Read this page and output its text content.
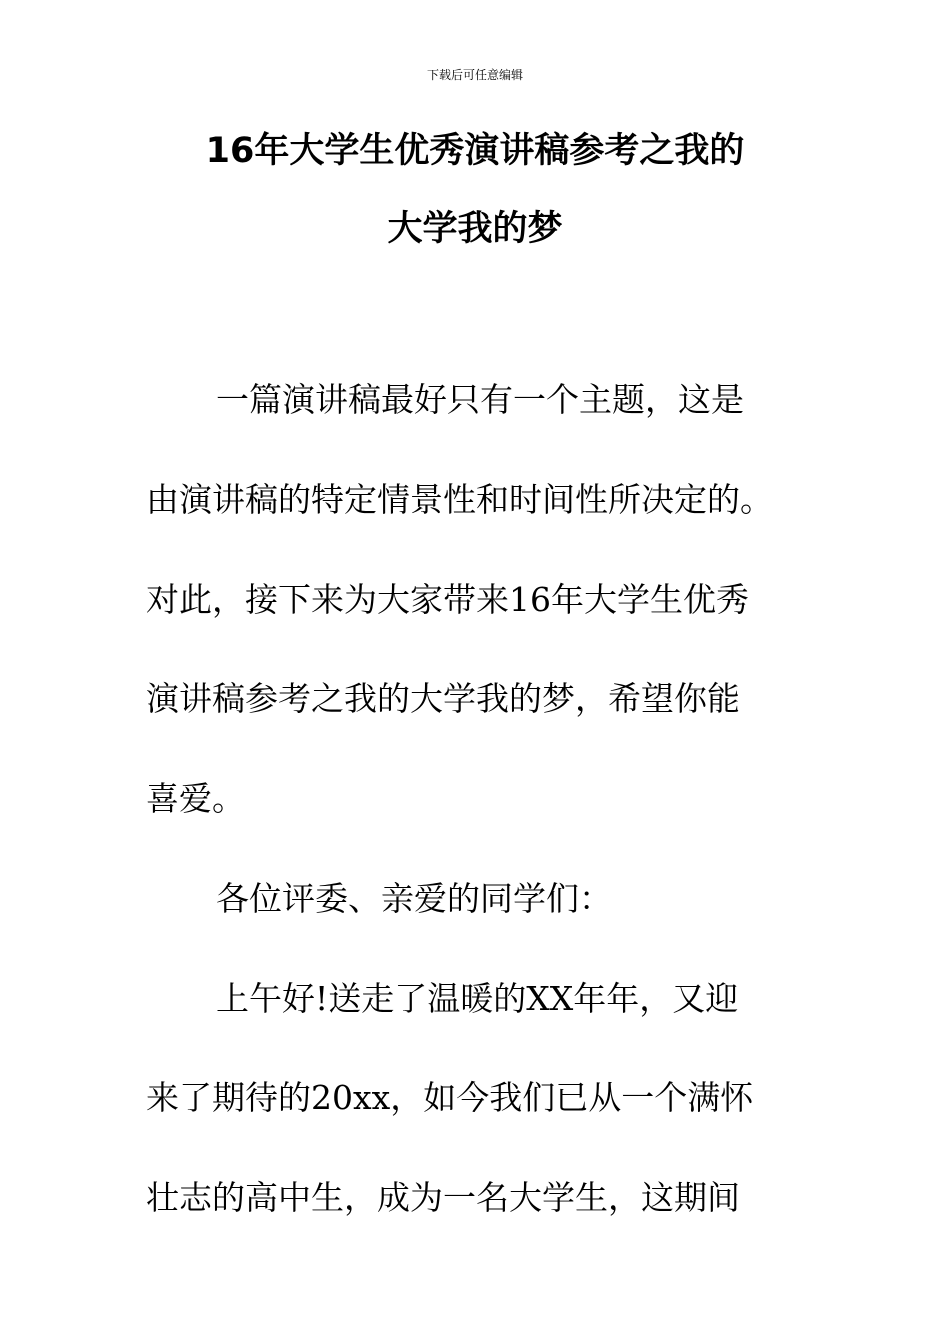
下载后可任意编辑
16年大学生优秀演讲稿参考之我的
大学我的梦
一篇演讲稿最好只有一个主题，这是
由演讲稿的特定情景性和时间性所决定的。
对此，接下来为大家带来16年大学生优秀
演讲稿参考之我的大学我的梦，希望你能
喜爱。
各位评委、亲爱的同学们：
上午好!送走了温暖的XX年年，又迎
来了期待的20xx，如今我们已从一个满怀
壮志的高中生，成为一名大学生，这期间
